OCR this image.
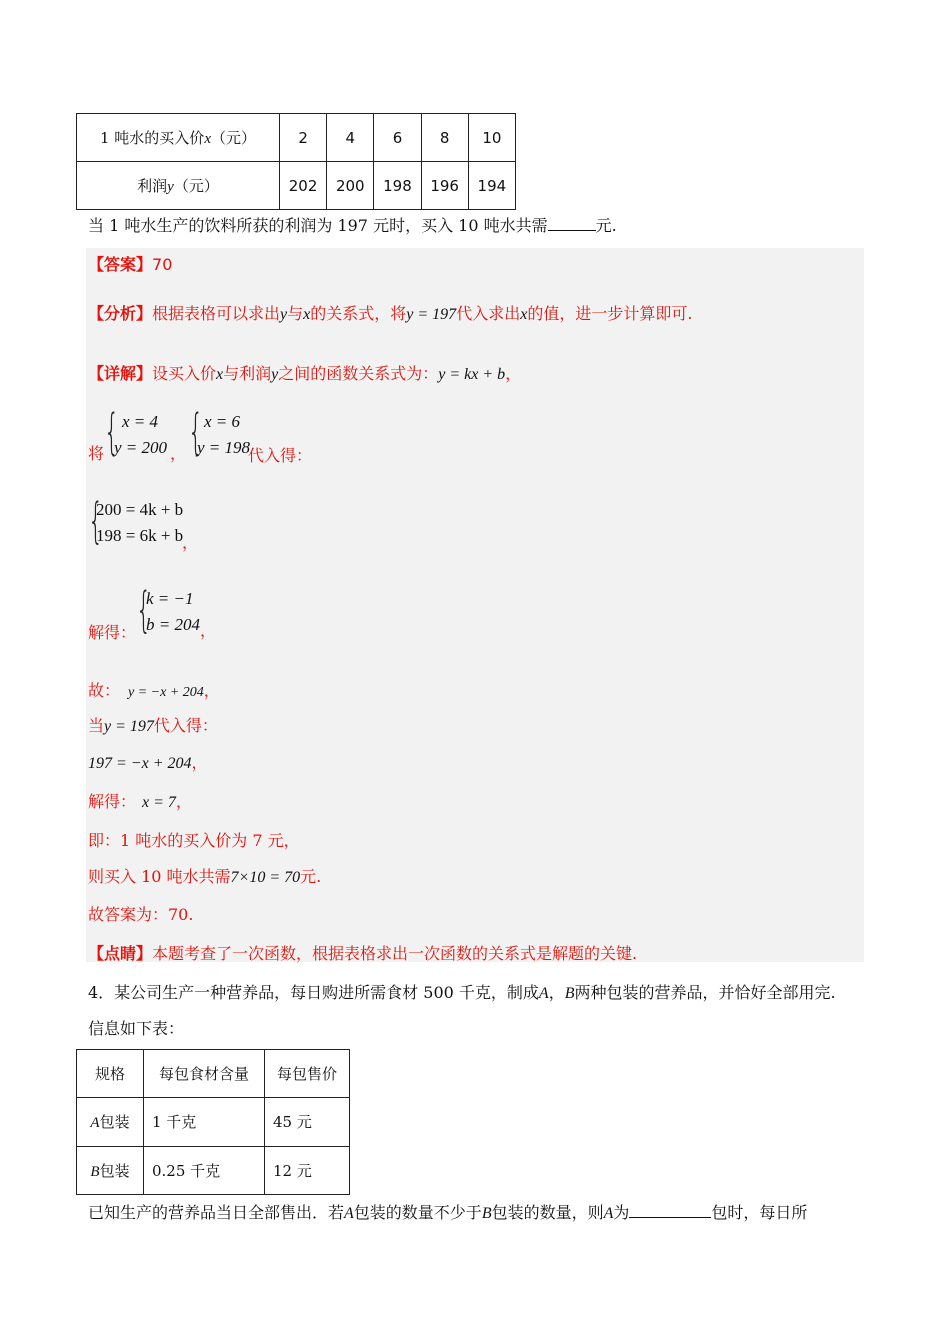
1 吨水的买入价x（元）	2	4	6	8	10
利润y（元）	202	200	198	196	194
当 1 吨水生产的饮料所获的利润为 197 元时，买入 10 吨水共需	元.
【答案】70
【分析】根据表格可以求出y与x的关系式，将y = 197代入求出x的值，进一步计算即可.
【详解】设买入价x与利润y之间的函数关系式为：y = kx + b，
将 { x = 4
y = 200 ， { x = 6
y = 198
代入得：
{
200 = 4k + b
198 = 6k + b
，
解得： {
k = −1
b = 204 ，
故： y = −x + 204，
当y = 197代入得：
197 = −x + 204，
解得： x = 7，
即：1 吨水的买入价为 7 元，
则买入 10 吨水共需7×10 = 70元.
故答案为：70.
【点睛】本题考查了一次函数，根据表格求出一次函数的关系式是解题的关键.
4．某公司生产一种营养品，每日购进所需食材 500 千克，制成A，B两种包装的营养品，并恰好全部用完.
信息如下表：
规格	每包食材含量	每包售价
A包装	1 千克	45 元
B包装	0.25 千克	12 元
已知生产的营养品当日全部售出．若A包装的数量不少于B包装的数量，则A为	包时，每日所
